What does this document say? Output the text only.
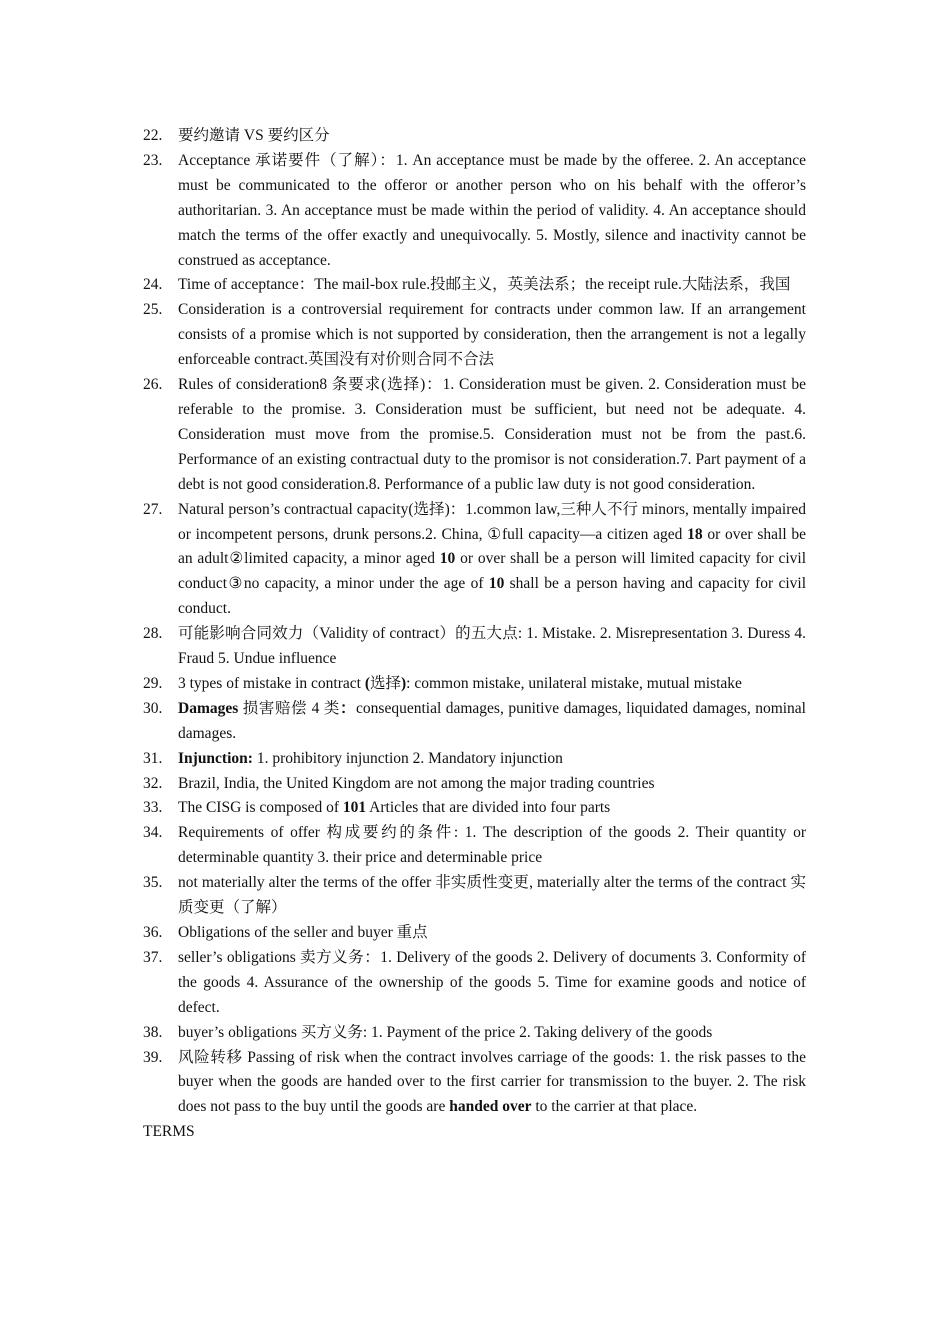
22. 要约邀请 VS 要约区分
23. Acceptance 承诺要件（了解）：1. An acceptance must be made by the offeree. 2. An acceptance must be communicated to the offeror or another person who on his behalf with the offeror’s authoritarian. 3. An acceptance must be made within the period of validity. 4. An acceptance should match the terms of the offer exactly and unequivocally. 5. Mostly, silence and inactivity cannot be construed as acceptance.
24. Time of acceptance：The mail-box rule.投邮主义，英美法系；the receipt rule.大陆法系，我国
25. Consideration is a controversial requirement for contracts under common law. If an arrangement consists of a promise which is not supported by consideration, then the arrangement is not a legally enforceable contract.英国没有对价则合同不合法
26. Rules of consideration8 条要求(选择)：1. Consideration must be given. 2. Consideration must be referable to the promise. 3. Consideration must be sufficient, but need not be adequate. 4. Consideration must move from the promise.5. Consideration must not be from the past.6. Performance of an existing contractual duty to the promisor is not consideration.7. Part payment of a debt is not good consideration.8. Performance of a public law duty is not good consideration.
27. Natural person’s contractual capacity(选择)：1.common law,三种人不行 minors, mentally impaired or incompetent persons, drunk persons.2. China, ①full capacity—a citizen aged 18 or over shall be an adult②limited capacity, a minor aged 10 or over shall be a person will limited capacity for civil conduct③no capacity, a minor under the age of 10 shall be a person having and capacity for civil conduct.
28. 可能影响合同效力（Validity of contract）的五大点: 1. Mistake. 2. Misrepresentation 3. Duress 4. Fraud 5. Undue influence
29. 3 types of mistake in contract (选择): common mistake, unilateral mistake, mutual mistake
30. Damages 损害赔偿 4 类：consequential damages, punitive damages, liquidated damages, nominal damages.
31. Injunction: 1. prohibitory injunction 2. Mandatory injunction
32. Brazil, India, the United Kingdom are not among the major trading countries
33. The CISG is composed of 101 Articles that are divided into four parts
34. Requirements of offer 构成要约的条件: 1. The description of the goods 2. Their quantity or determinable quantity 3. their price and determinable price
35. not materially alter the terms of the offer 非实质性变更, materially alter the terms of the contract 实质变更（了解）
36. Obligations of the seller and buyer 重点
37. seller’s obligations 卖方义务：1. Delivery of the goods 2. Delivery of documents 3. Conformity of the goods 4. Assurance of the ownership of the goods 5. Time for examine goods and notice of defect.
38. buyer’s obligations 买方义务: 1. Payment of the price 2. Taking delivery of the goods
39. 风险转移 Passing of risk when the contract involves carriage of the goods: 1. the risk passes to the buyer when the goods are handed over to the first carrier for transmission to the buyer. 2. The risk does not pass to the buy until the goods are handed over to the carrier at that place.
TERMS
